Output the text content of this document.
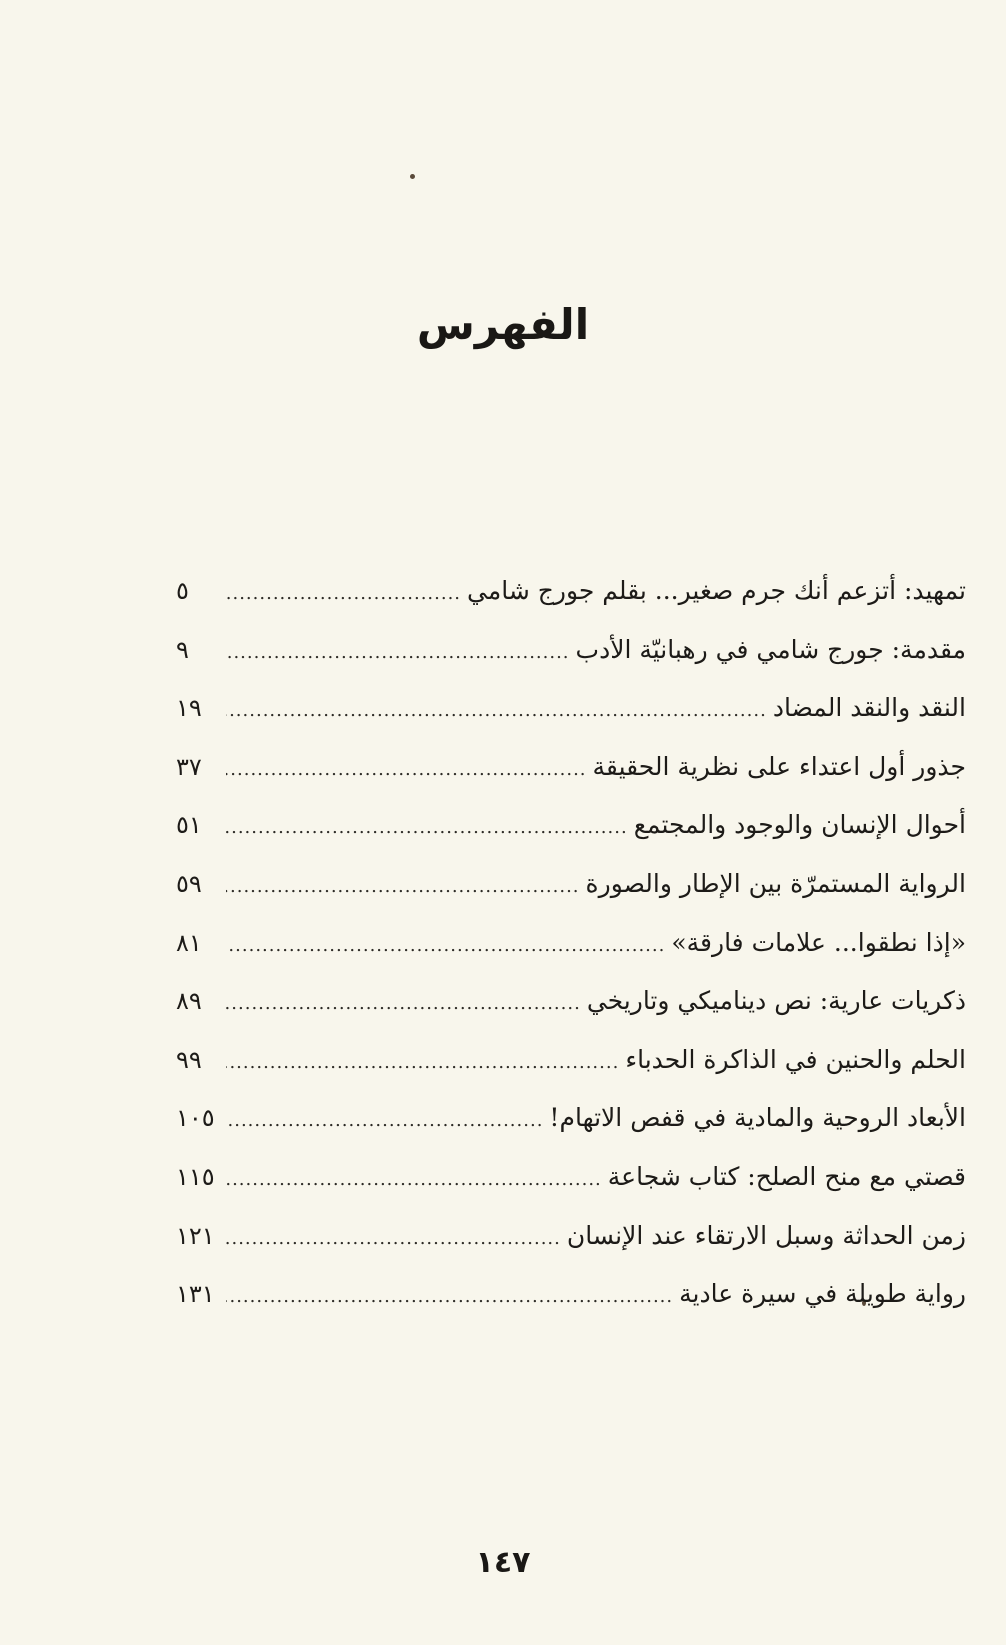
الفهرس
تمهيد: أتزعم أنك جرم صغير... بقلم جورج شامي
.....
٥
مقدمة: جورج شامي في رهبانيّة الأدب
.....
٩
النقد والنقد المضاد
.....
١٩
جذور أول اعتداء على نظرية الحقيقة
.....
٣٧
أحوال الإنسان والوجود والمجتمع
.....
٥١
الرواية المستمرّة بين الإطار والصورة
.....
٥٩
«إذا نطقوا... علامات فارقة»
.....
٨١
ذكريات عارية: نص ديناميكي وتاريخي
.....
٨٩
الحلم والحنين في الذاكرة الحدباء
.....
٩٩
الأبعاد الروحية والمادية في قفص الاتهام!
.....
١٠٥
قصتي مع منح الصلح: كتاب شجاعة
.....
١١٥
زمن الحداثة وسبل الارتقاء عند الإنسان
.....
١٢١
رواية طويلة في سيرة عادية
.....
١٣١
١٤٧
